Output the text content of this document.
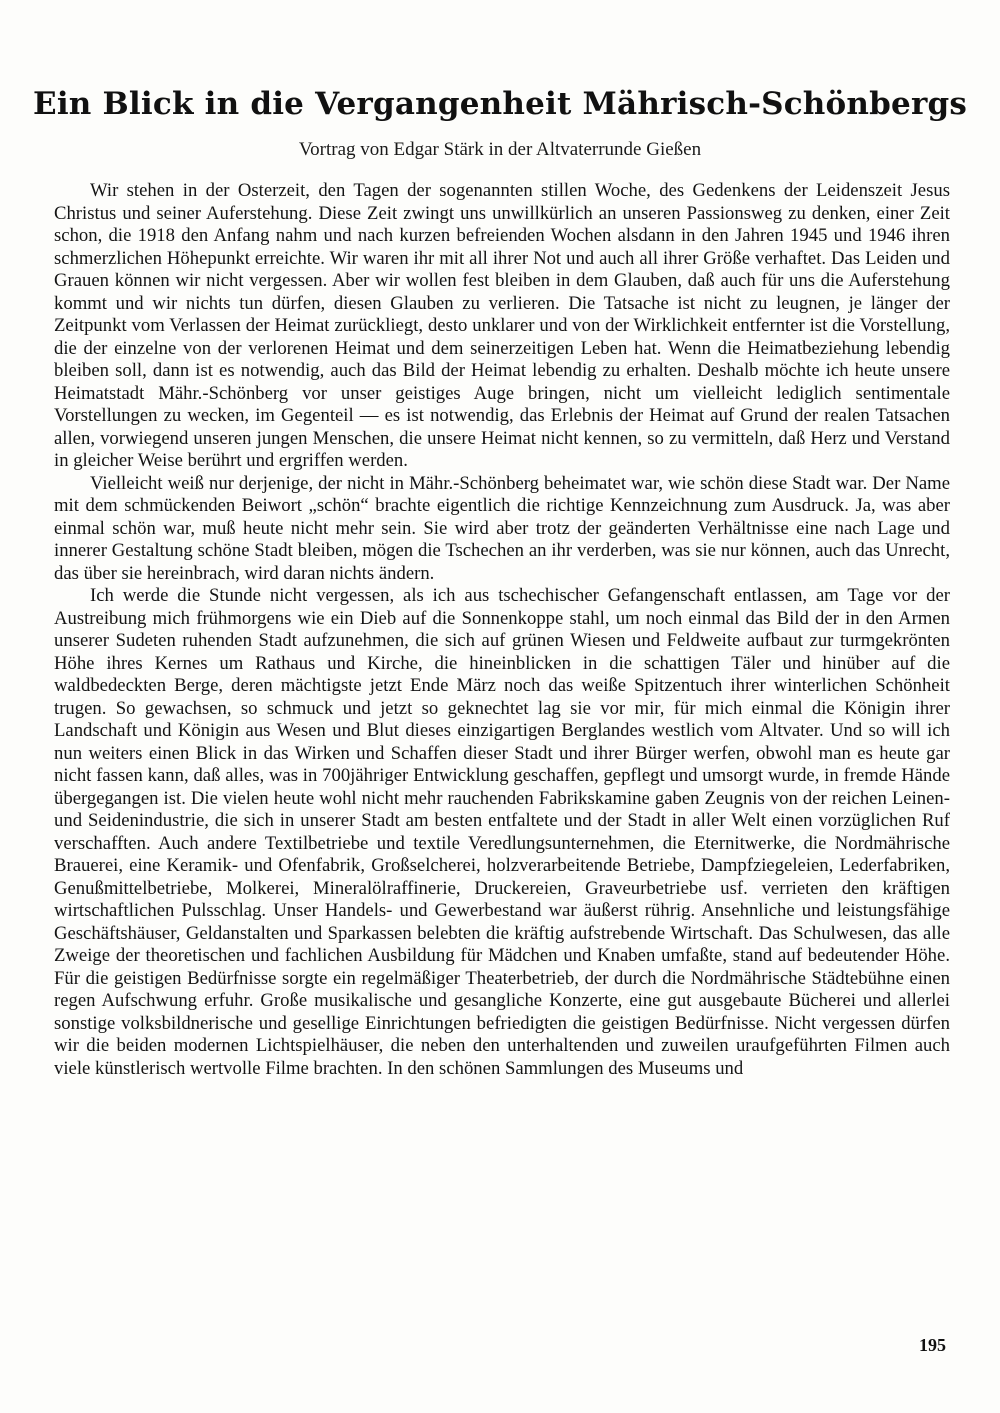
Ein Blick in die Vergangenheit Mährisch-Schönbergs
Vortrag von Edgar Stärk in der Altvaterrunde Gießen

Wir stehen in der Osterzeit, den Tagen der sogenannten stillen Woche, des Gedenkens der Leidenszeit Jesus Christus und seiner Auferstehung. Diese Zeit zwingt uns unwillkürlich an unseren Passionsweg zu denken, einer Zeit schon, die 1918 den Anfang nahm und nach kurzen befreienden Wochen alsdann in den Jahren 1945 und 1946 ihren schmerzlichen Höhepunkt erreichte. Wir waren ihr mit all ihrer Not und auch all ihrer Größe verhaftet. Das Leiden und Grauen können wir nicht vergessen. Aber wir wollen fest bleiben in dem Glauben, daß auch für uns die Auferstehung kommt und wir nichts tun dürfen, diesen Glauben zu verlieren. Die Tatsache ist nicht zu leugnen, je länger der Zeitpunkt vom Verlassen der Heimat zurückliegt, desto unklarer und von der Wirklichkeit entfernter ist die Vorstellung, die der einzelne von der verlorenen Heimat und dem seinerzeitigen Leben hat. Wenn die Heimatbeziehung lebendig bleiben soll, dann ist es notwendig, auch das Bild der Heimat lebendig zu erhalten. Deshalb möchte ich heute unsere Heimatstadt Mähr.-Schönberg vor unser geistiges Auge bringen, nicht um vielleicht lediglich sentimentale Vorstellungen zu wecken, im Gegenteil — es ist notwendig, das Erlebnis der Heimat auf Grund der realen Tatsachen allen, vorwiegend unseren jungen Menschen, die unsere Heimat nicht kennen, so zu vermitteln, daß Herz und Verstand in gleicher Weise berührt und ergriffen werden.

Vielleicht weiß nur derjenige, der nicht in Mähr.-Schönberg beheimatet war, wie schön diese Stadt war. Der Name mit dem schmückenden Beiwort „schön“ brachte eigentlich die richtige Kennzeichnung zum Ausdruck. Ja, was aber einmal schön war, muß heute nicht mehr sein. Sie wird aber trotz der geänderten Verhältnisse eine nach Lage und innerer Gestaltung schöne Stadt bleiben, mögen die Tschechen an ihr verderben, was sie nur können, auch das Unrecht, das über sie hereinbrach, wird daran nichts ändern.

Ich werde die Stunde nicht vergessen, als ich aus tschechischer Gefangenschaft entlassen, am Tage vor der Austreibung mich frühmorgens wie ein Dieb auf die Sonnenkoppe stahl, um noch einmal das Bild der in den Armen unserer Sudeten ruhenden Stadt aufzunehmen, die sich auf grünen Wiesen und Feldweite aufbaut zur turmgekrönten Höhe ihres Kernes um Rathaus und Kirche, die hineinblicken in die schattigen Täler und hinüber auf die waldbedeckten Berge, deren mächtigste jetzt Ende März noch das weiße Spitzentuch ihrer winterlichen Schönheit trugen. So gewachsen, so schmuck und jetzt so geknechtet lag sie vor mir, für mich einmal die Königin ihrer Landschaft und Königin aus Wesen und Blut dieses einzigartigen Berglandes westlich vom Altvater. Und so will ich nun weiters einen Blick in das Wirken und Schaffen dieser Stadt und ihrer Bürger werfen, obwohl man es heute gar nicht fassen kann, daß alles, was in 700jähriger Entwicklung geschaffen, gepflegt und umsorgt wurde, in fremde Hände übergegangen ist. Die vielen heute wohl nicht mehr rauchenden Fabrikskamine gaben Zeugnis von der reichen Leinen- und Seidenindustrie, die sich in unserer Stadt am besten entfaltete und der Stadt in aller Welt einen vorzüglichen Ruf verschafften. Auch andere Textilbetriebe und textile Veredlungsunternehmen, die Eternitwerke, die Nordmährische Brauerei, eine Keramik- und Ofenfabrik, Großselcherei, holzverarbeitende Betriebe, Dampfziegeleien, Lederfabriken, Genußmittelbetriebe, Molkerei, Mineralölraffinerie, Druckereien, Graveurbetriebe usf. verrieten den kräftigen wirtschaftlichen Pulsschlag. Unser Handels- und Gewerbestand war äußerst rührig. Ansehnliche und leistungsfähige Geschäftshäuser, Geldanstalten und Sparkassen belebten die kräftig aufstrebende Wirtschaft. Das Schulwesen, das alle Zweige der theoretischen und fachlichen Ausbildung für Mädchen und Knaben umfaßte, stand auf bedeutender Höhe. Für die geistigen Bedürfnisse sorgte ein regelmäßiger Theaterbetrieb, der durch die Nordmährische Städtebühne einen regen Aufschwung erfuhr. Große musikalische und gesangliche Konzerte, eine gut ausgebaute Bücherei und allerlei sonstige volksbildnerische und gesellige Einrichtungen befriedigten die geistigen Bedürfnisse. Nicht vergessen dürfen wir die beiden modernen Lichtspielhäuser, die neben den unterhaltenden und zuweilen uraufgeführten Filmen auch viele künstlerisch wertvolle Filme brachten. In den schönen Sammlungen des Museums und

195
